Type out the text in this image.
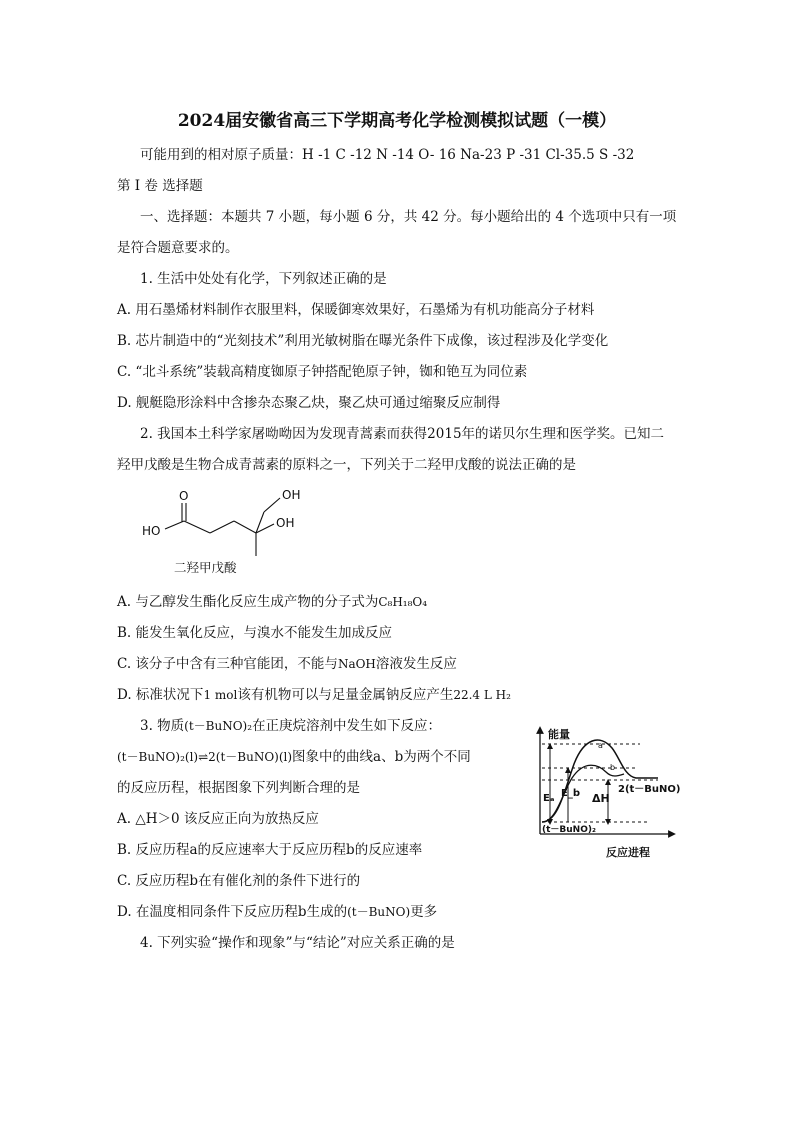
2024届安徽省高三下学期高考化学检测模拟试题（一模）
可能用到的相对原子质量：H -1 C -12 N -14 O- 16 Na-23 P -31 Cl-35.5 S -32
第 I 卷 选择题
一、选择题：本题共 7 小题，每小题 6 分，共 42 分。每小题给出的 4 个选项中只有一项
是符合题意要求的。
1. 生活中处处有化学，下列叙述正确的是
A. 用石墨烯材料制作衣服里料，保暖御寒效果好，石墨烯为有机功能高分子材料
B. 芯片制造中的“光刻技术”利用光敏树脂在曝光条件下成像，该过程涉及化学变化
C. “北斗系统”装载高精度铷原子钟搭配铯原子钟，铷和铯互为同位素
D. 舰艇隐形涂料中含掺杂态聚乙炔，聚乙炔可通过缩聚反应制得
2. 我国本土科学家屠呦呦因为发现青蒿素而获得2015年的诺贝尔生理和医学奖。已知二
羟甲戊酸是生物合成青蒿素的原料之一，下列关于二羟甲戊酸的说法正确的是
O
HO
OH
OH
二羟甲戊酸
A. 与乙醇发生酯化反应生成产物的分子式为C₈H₁₈O₄
B. 能发生氧化反应，与溴水不能发生加成反应
C. 该分子中含有三种官能团，不能与NaOH溶液发生反应
D. 标准状况下1 mol该有机物可以与足量金属钠反应产生22.4 L H₂
3. 物质(t－BuNO)₂在正庚烷溶剂中发生如下反应：
(t－BuNO)₂(l)⇌2(t－BuNO)(l)图象中的曲线a、b为两个不同
的反应历程，根据图象下列判断合理的是
A. △H＞0 该反应正向为放热反应
B. 反应历程a的反应速率大于反应历程b的反应速率
C. 反应历程b在有催化剂的条件下进行的
D. 在温度相同条件下反应历程b生成的(t－BuNO)更多
能量
反应进程
a
b
Eₐ E_b ΔH
2(t－BuNO)
(t－BuNO)₂
4. 下列实验“操作和现象”与“结论”对应关系正确的是
